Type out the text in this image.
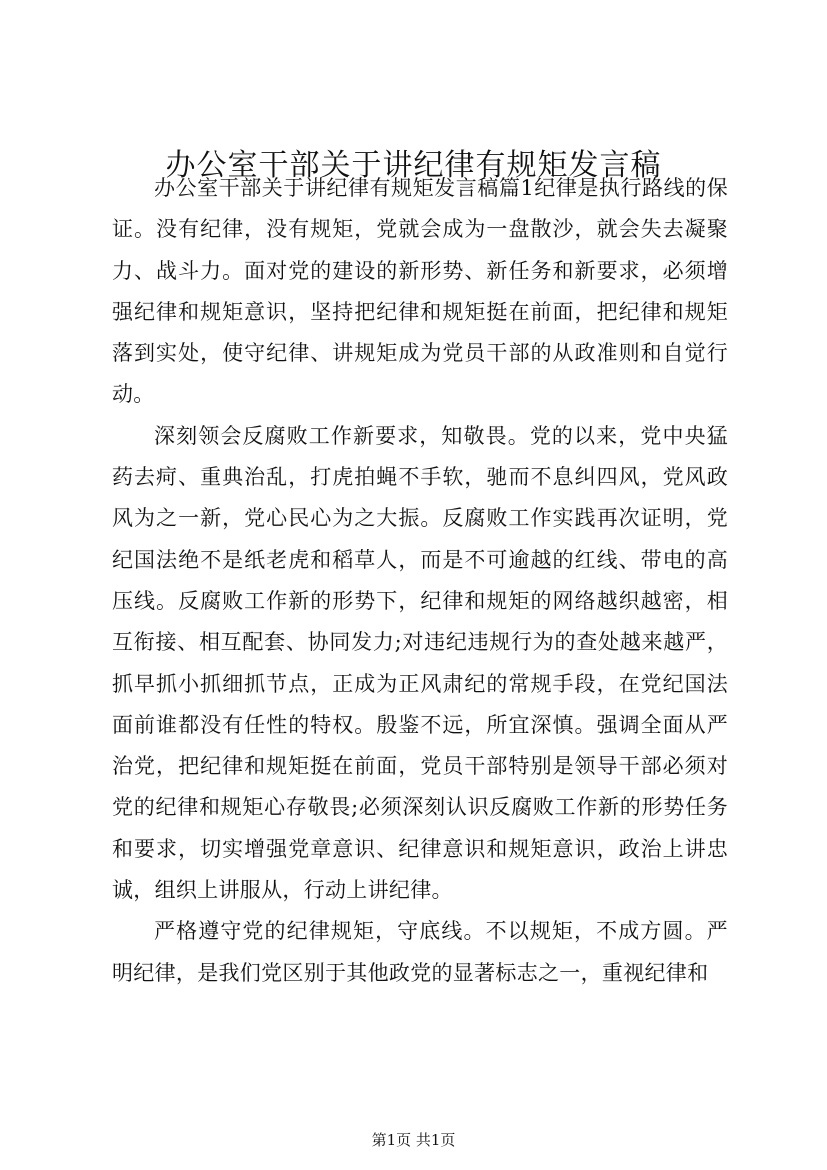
办公室干部关于讲纪律有规矩发言稿

办公室干部关于讲纪律有规矩发言稿篇1纪律是执行路线的保证。没有纪律，没有规矩，党就会成为一盘散沙，就会失去凝聚力、战斗力。面对党的建设的新形势、新任务和新要求，必须增强纪律和规矩意识，坚持把纪律和规矩挺在前面，把纪律和规矩落到实处，使守纪律、讲规矩成为党员干部的从政准则和自觉行动。

深刻领会反腐败工作新要求，知敬畏。党的以来，党中央猛药去疴、重典治乱，打虎拍蝇不手软，驰而不息纠四风，党风政风为之一新，党心民心为之大振。反腐败工作实践再次证明，党纪国法绝不是纸老虎和稻草人，而是不可逾越的红线、带电的高压线。反腐败工作新的形势下，纪律和规矩的网络越织越密，相互衔接、相互配套、协同发力;对违纪违规行为的查处越来越严，抓早抓小抓细抓节点，正成为正风肃纪的常规手段，在党纪国法面前谁都没有任性的特权。殷鉴不远，所宜深慎。强调全面从严治党，把纪律和规矩挺在前面，党员干部特别是领导干部必须对党的纪律和规矩心存敬畏;必须深刻认识反腐败工作新的形势任务和要求，切实增强党章意识、纪律意识和规矩意识，政治上讲忠诚，组织上讲服从，行动上讲纪律。

严格遵守党的纪律规矩，守底线。不以规矩，不成方圆。严明纪律，是我们党区别于其他政党的显著标志之一，重视纪律和

第1页 共1页
